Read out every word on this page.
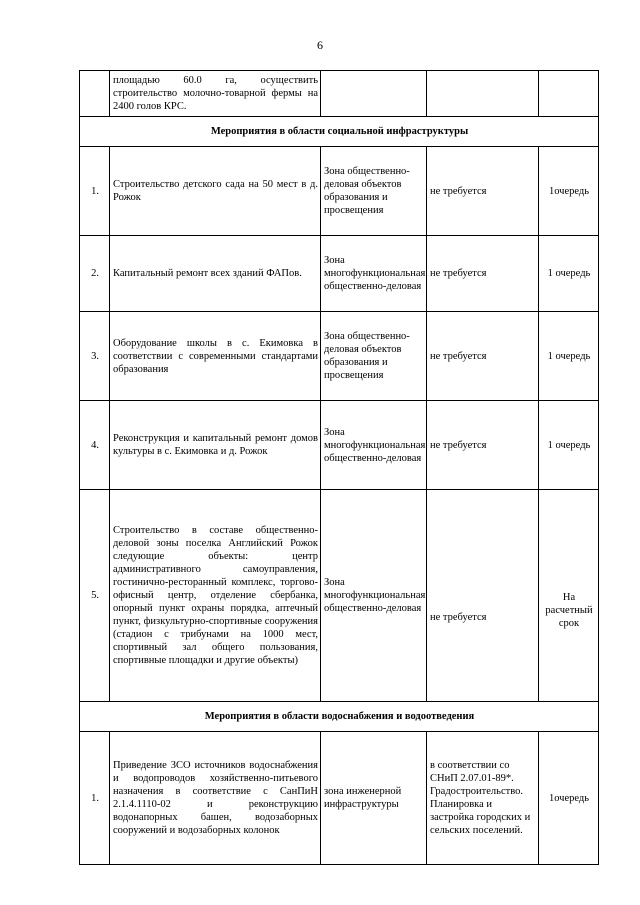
6
	площадью 60.0 га, осуществить строительство молочно-товарной фермы на 2400 голов КРС.			
Мероприятия в области социальной инфраструктуры				
1.	Строительство детского сада на 50 мест в д. Рожок	Зона общественно-деловая объектов образования и просвещения	не требуется	1очередь
2.	Капитальный ремонт всех зданий ФАПов.	Зона многофункциональная общественно-деловая	не требуется	1 очередь
3.	Оборудование школы в с. Екимовка в соответствии с современными стандартами образования	Зона общественно-деловая объектов образования и просвещения	не требуется	1 очередь
4.	Реконструкция и капитальный ремонт домов культуры в с. Екимовка и д. Рожок	Зона многофункциональная общественно-деловая	не требуется	1 очередь
5.	Строительство в составе общественно-деловой зоны поселка Английский Рожок следующие объекты: центр административного самоуправления, гостинично-ресторанный комплекс, торгово-офисный центр, отделение сбербанка, опорный пункт охраны порядка, аптечный пункт, физкультурно-спортивные сооружения (стадион с трибунами на 1000 мест, спортивный зал общего пользования, спортивные площадки и другие объекты)	Зона многофункциональная общественно-деловая	не требуется	На расчетный срок
Мероприятия в области водоснабжения и водоотведения				
1.	Приведение ЗСО источников водоснабжения и водопроводов хозяйственно-питьевого назначения в соответствие с СанПиН 2.1.4.1110-02 и реконструкцию водонапорных башен, водозаборных сооружений и водозаборных колонок	зона инженерной инфраструктуры	в соответствии со СНиП 2.07.01-89*. Градостроительство. Планировка и застройка городских и сельских поселений.	1очередь
